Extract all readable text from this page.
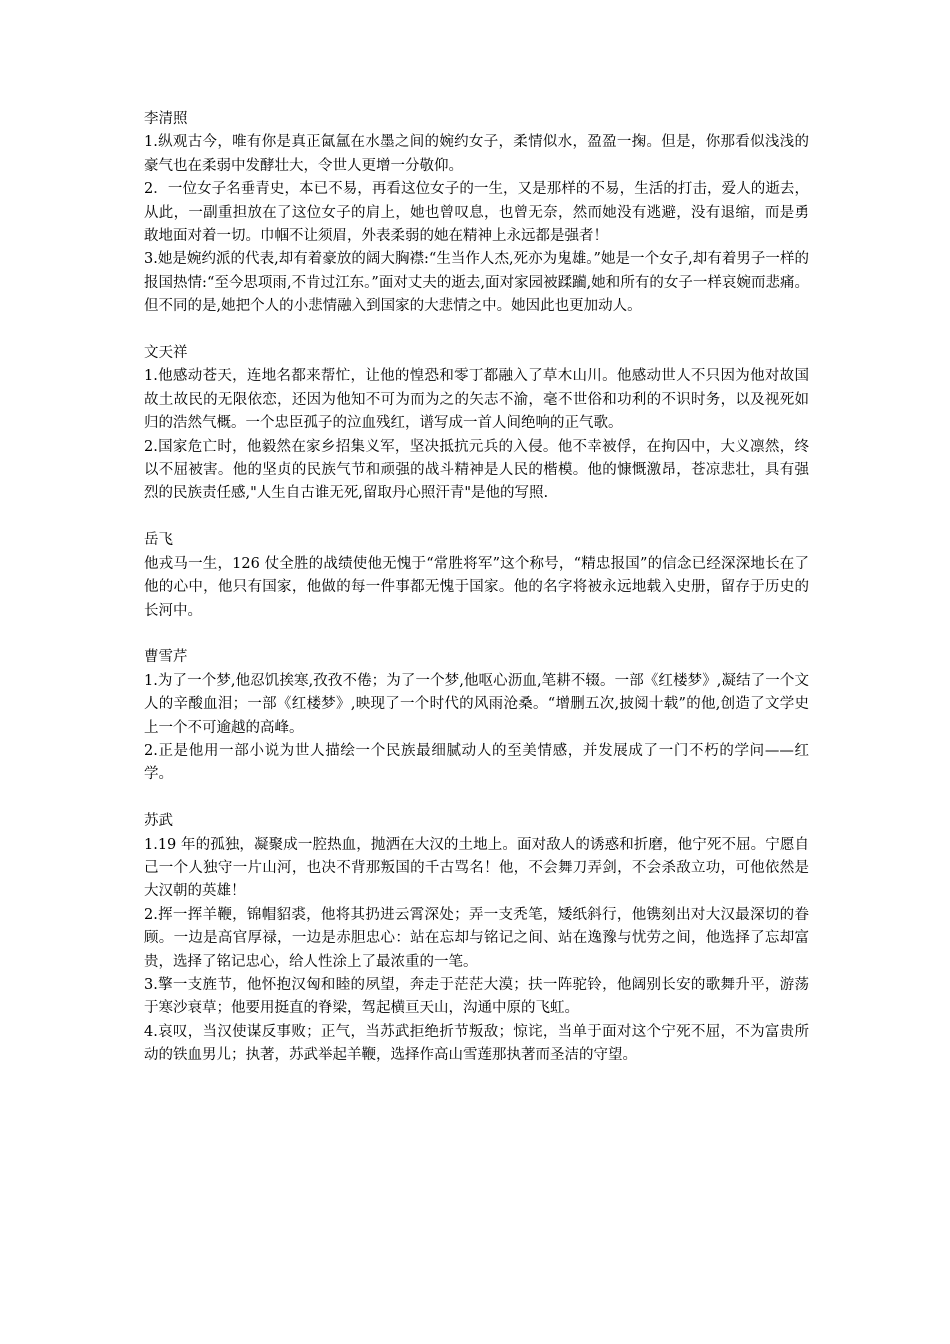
李清照

1.纵观古今，唯有你是真正氤氲在水墨之间的婉约女子，柔情似水，盈盈一掬。但是，你那看似浅浅的豪气也在柔弱中发酵壮大，令世人更增一分敬仰。

2．一位女子名垂青史，本已不易，再看这位女子的一生，又是那样的不易，生活的打击，爱人的逝去，从此，一副重担放在了这位女子的肩上，她也曾叹息，也曾无奈，然而她没有逃避，没有退缩，而是勇敢地面对着一切。巾帼不让须眉，外表柔弱的她在精神上永远都是强者！

3.她是婉约派的代表,却有着豪放的阔大胸襟:“生当作人杰,死亦为鬼雄。”她是一个女子,却有着男子一样的报国热情:“至今思项雨,不肯过江东。”面对丈夫的逝去,面对家园被蹂躏,她和所有的女子一样哀婉而悲痛。但不同的是,她把个人的小悲情融入到国家的大悲情之中。她因此也更加动人。

文天祥

1.他感动苍天，连地名都来帮忙，让他的惶恐和零丁都融入了草木山川。他感动世人不只因为他对故国故土故民的无限依恋，还因为他知不可为而为之的矢志不渝，毫不世俗和功利的不识时务，以及视死如归的浩然气概。一个忠臣孤子的泣血残红，谱写成一首人间绝响的正气歌。

2.国家危亡时，他毅然在家乡招集义军，坚决抵抗元兵的入侵。他不幸被俘，在拘囚中，大义凛然，终以不屈被害。他的坚贞的民族气节和顽强的战斗精神是人民的楷模。他的慷慨激昂，苍凉悲壮，具有强烈的民族责任感,"人生自古谁无死,留取丹心照汗青"是他的写照.

岳飞

他戎马一生，126 仗全胜的战绩使他无愧于“常胜将军”这个称号，“精忠报国”的信念已经深深地长在了他的心中，他只有国家，他做的每一件事都无愧于国家。他的名字将被永远地载入史册，留存于历史的长河中。

曹雪芹

1.为了一个梦,他忍饥挨寒,孜孜不倦；为了一个梦,他呕心沥血,笔耕不辍。一部《红楼梦》,凝结了一个文人的辛酸血泪；一部《红楼梦》,映现了一个时代的风雨沧桑。“增删五次,披阅十载”的他,创造了文学史上一个不可逾越的高峰。

2.正是他用一部小说为世人描绘一个民族最细腻动人的至美情感，并发展成了一门不朽的学问——红学。

苏武

1.19 年的孤独，凝聚成一腔热血，抛洒在大汉的土地上。面对敌人的诱惑和折磨，他宁死不屈。宁愿自己一个人独守一片山河，也决不背那叛国的千古骂名！他，不会舞刀弄剑，不会杀敌立功，可他依然是大汉朝的英雄！

2.挥一挥羊鞭，锦帽貂裘，他将其扔进云霄深处；弄一支秃笔，矮纸斜行，他镌刻出对大汉最深切的眷顾。一边是高官厚禄，一边是赤胆忠心：站在忘却与铭记之间、站在逸豫与忧劳之间，他选择了忘却富贵，选择了铭记忠心，给人性涂上了最浓重的一笔。

3.擎一支旌节，他怀抱汉匈和睦的夙望，奔走于茫茫大漠；扶一阵驼铃，他阔别长安的歌舞升平，游荡于寒沙衰草；他要用挺直的脊梁，驾起横亘天山，沟通中原的飞虹。

4.哀叹，当汉使谋反事败；正气，当苏武拒绝折节叛敌；惊诧，当单于面对这个宁死不屈，不为富贵所动的铁血男儿；执著，苏武举起羊鞭，选择作高山雪莲那执著而圣洁的守望。
